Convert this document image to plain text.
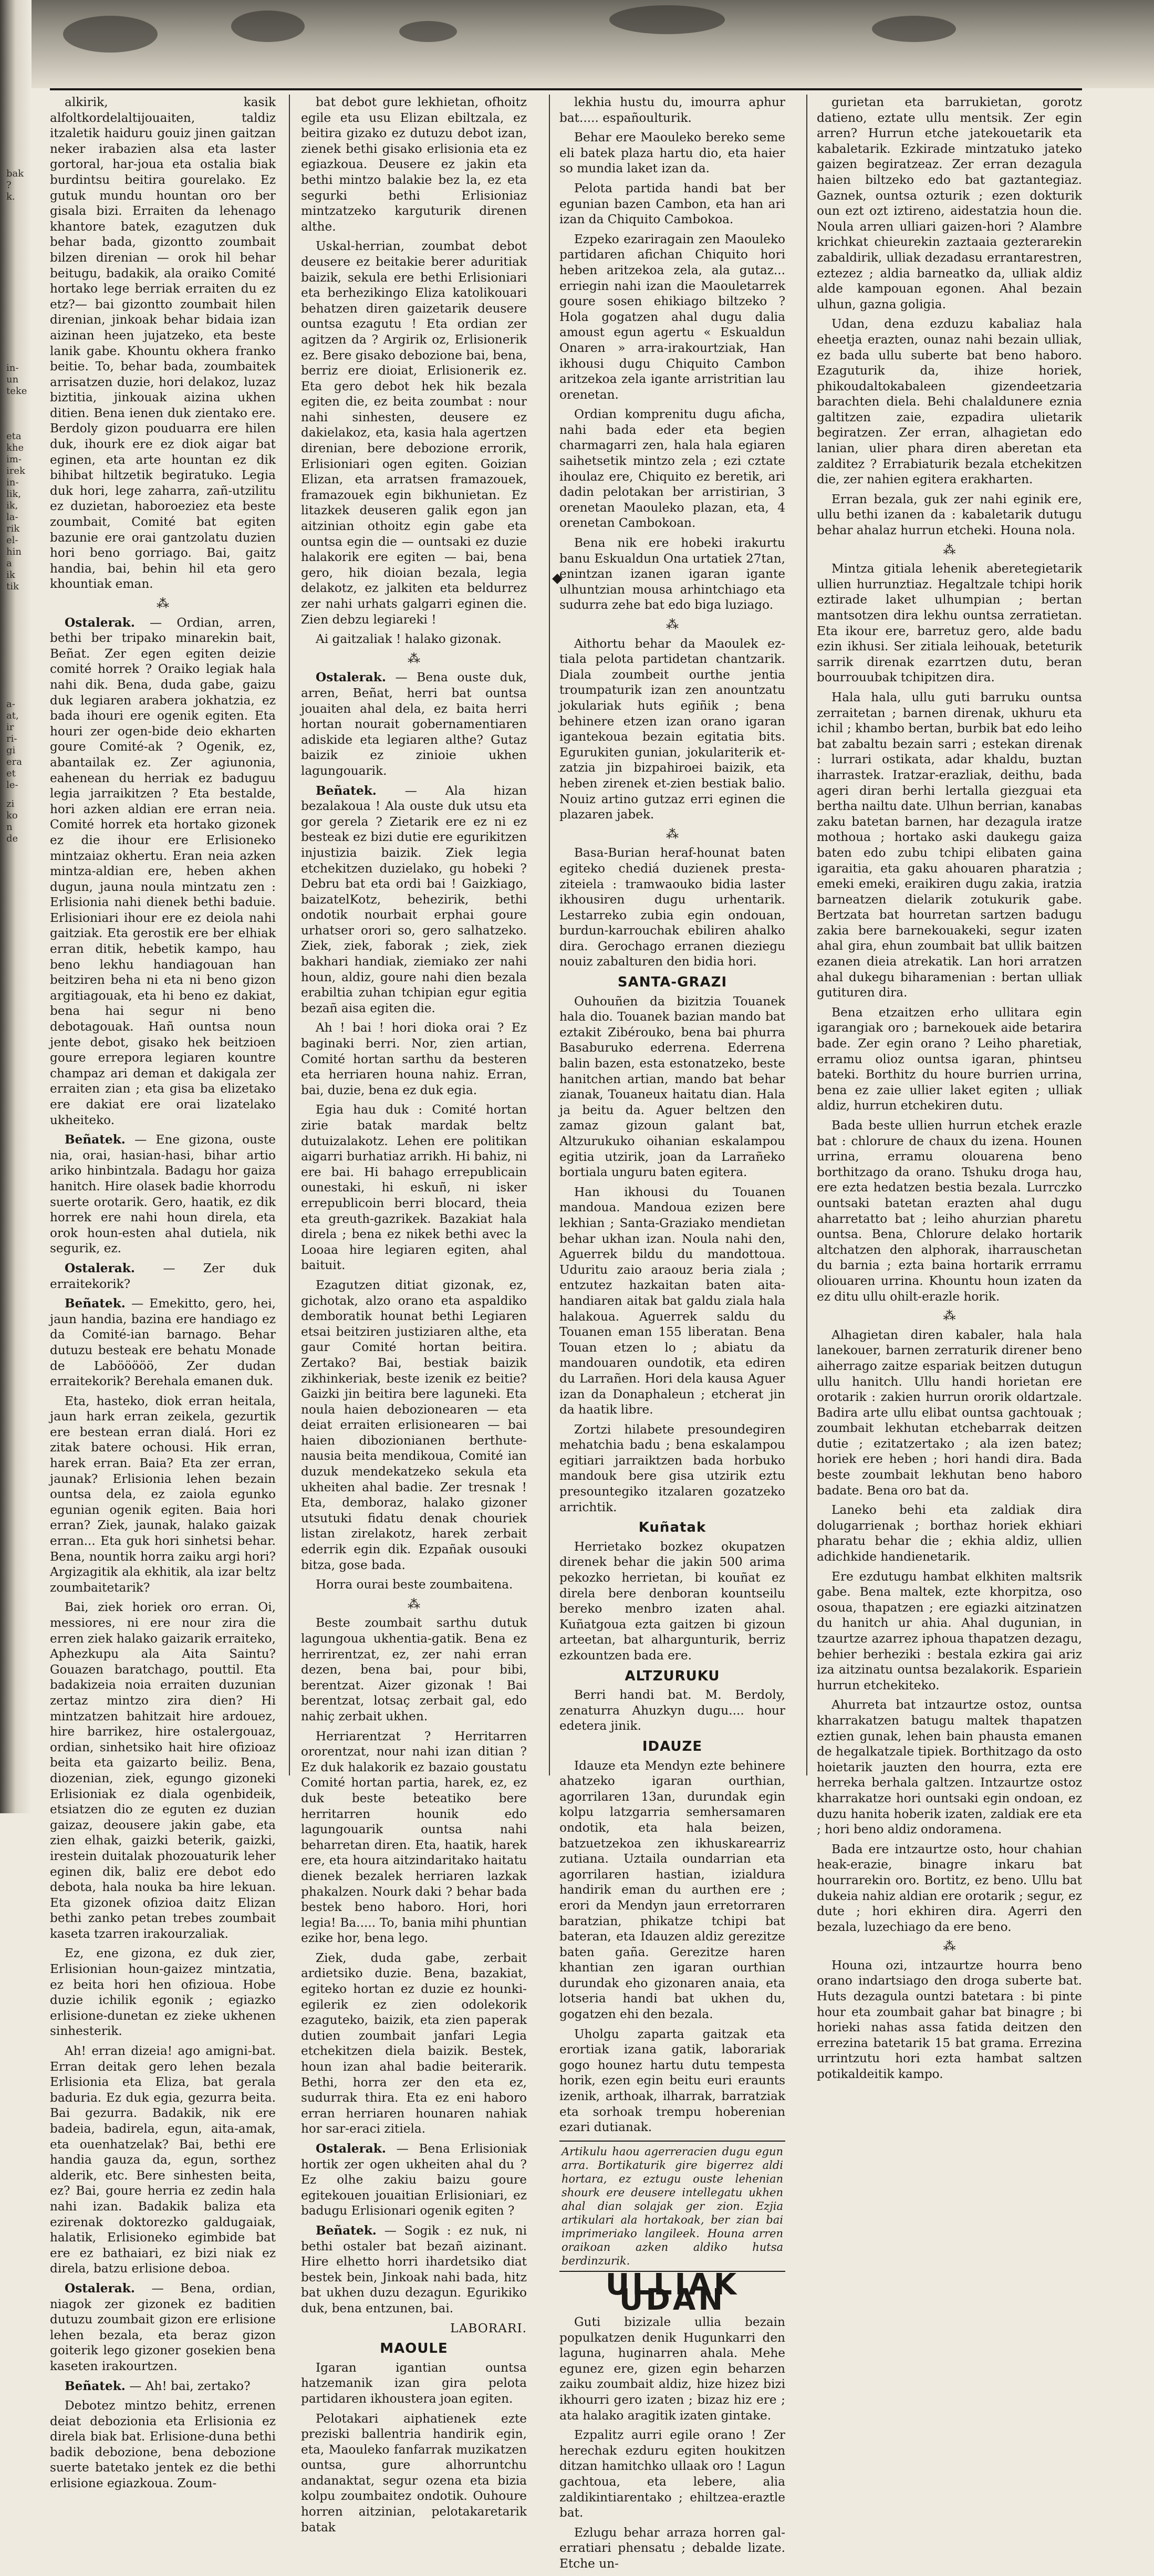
bak ?
k.
in-
un
teke
eta
khe
im-
irek
in-
lik,
ik,
la-
rik
el-
hin
a
ik
tik
a-
at,
ir
ri-
gi
era
et
le-
zi
ko
n
de

alkirik, kasik alfoltkordelaltijouaiten, taldiz itzaletik haiduru gouiz jinen gaitzan neker irabazien alsa eta laster gortoral, har-joua eta ostalia biak burdintsu beitira gourelako. Ez gutuk mundu hountan oro ber gisala bizi. Erraiten da lehenago khantore batek, ezagutzen duk behar bada, gizontto zoumbait bilzen direnian — orok hil behar beitugu, badakik, ala oraiko Comité hortako lege berriak erraiten du ez etz?— bai gizontto zoumbait hilen direnian, jinkoak behar bidaia izan aizinan heen jujatzeko, eta beste lanik gabe. Khountu okhera franko beitie. To, behar bada, zoumbaitek arrisatzen duzie, hori delakoz, luzaz biztitia, jinkouak aizina ukhen ditien. Bena ienen duk zientako ere. Berdoly gizon pouduarra ere hilen duk, ihourk ere ez diok aigar bat eginen, eta arte hountan ez dik bihibat hiltzetik begiratuko. Legia duk hori, lege zaharra, zañ-utzilitu ez duzietan, haboroeziez eta beste zoumbait, Comité bat egiten bazunie ere orai gantzolatu duzien hori beno gorriago. Bai, gaitz handia, bai, behin hil eta gero khountiak eman.

⁂

Ostalerak. — Ordian, arren, bethi ber tripako minarekin bait, Beñat. Zer egen egiten deizie comité horrek ? Oraiko legiak hala nahi dik. Bena, duda gabe, gaizu duk legiaren arabera jokhatzia, ez bada ihouri ere ogenik egiten. Eta houri zer ogen-bide deio ekharten goure Comité-ak ? Ogenik, ez, abantailak ez. Zer agiunonia, eahenean du herriak ez baduguu legia jarraikitzen ? Eta bestalde, hori azken aldian ere erran neia. Comité horrek eta hortako gizonek ez die ihour ere Erlisioneko mintzaiaz okhertu. Eran neia azken mintza-aldian ere, heben akhen dugun, jauna noula mintzatu zen : Erlisionia nahi dienek bethi baduie. Erlisioniari ihour ere ez deiola nahi gaitziak. Eta gerostik ere ber elhiak erran ditik, hebetik kampo, hau beno lekhu handiagouan han beitziren beha ni eta ni beno gizon argitiagouak, eta hi beno ez dakiat, bena hai segur ni beno debotagouak. Hañ ountsa noun jente debot, gisako hek beitzioen goure errepora legiaren kountre champaz ari deman et dakigala zer erraiten zian ; eta gisa ba elizetako ere dakiat ere orai lizatelako ukheiteko.

Beñatek. — Ene gizona, ouste nia, orai, hasian-hasi, bihar artio ariko hinbintzala. Badagu hor gaiza hanitch. Hire olasek badie khorrodu suerte orotarik. Gero, haatik, ez dik horrek ere nahi houn direla, eta orok houn-esten ahal dutiela, nik segurik, ez.

Ostalerak. — Zer duk erraitekorik?

Beñatek. — Emekitto, gero, hei, jaun handia, bazina ere handiago ez da Comité-ian barnago. Behar dutuzu besteak ere behatu Monade de Labööööö, Zer dudan erraitekorik? Berehala emanen duk.

Eta, hasteko, diok erran heitala, jaun hark erran zeikela, gezurtik ere bestean erran dialá. Hori ez zitak batere ochousi. Hik erran, harek erran. Baia? Eta zer erran, jaunak? Erlisionia lehen bezain ountsa dela, ez zaiola egunko egunian ogenik egiten. Baia hori erran? Ziek, jaunak, halako gaizak erran... Eta guk hori sinhetsi behar. Bena, nountik horra zaiku argi hori? Argizagitik ala ekhitik, ala izar beltz zoumbaitetarik?

Bai, ziek horiek oro erran. Oi, messiores, ni ere nour zira die erren ziek halako gaizarik erraiteko, Aphezkupu ala Aita Saintu? Gouazen baratchago, pouttil. Eta badakizeia noia erraiten duzunian zertaz mintzo zira dien? Hi mintzatzen bahitzait hire ardouez, hire barrikez, hire ostalergouaz, ordian, sinhetsiko hait hire ofizioaz beita eta gaizarto beiliz. Bena, diozenian, ziek, egungo gizoneki Erlisioniak ez diala ogenbideik, etsiatzen dio ze eguten ez duzian gaizaz, deousere jakin gabe, eta zien elhak, gaizki beterik, gaizki, irestein duitalak phozouaturik leher eginen dik, baliz ere debot edo debota, hala nouka ba hire lekuan. Eta gizonek ofizioa daitz Elizan bethi zanko petan trebes zoumbait kaseta tzarren irakourzaliak.

Ez, ene gizona, ez duk zier, Erlisionian houn-gaizez mintzatia, ez beita hori hen ofizioua. Hobe duzie ichilik egonik ; egiazko erlisione-dunetan ez zieke ukhenen sinhesterik.

Ah! erran dizeia! ago amigni-bat. Erran deitak gero lehen bezala Erlisionia eta Eliza, bat gerala baduria. Ez duk egia, gezurra beita. Bai gezurra. Badakik, nik ere badeia, badirela, egun, aita-amak, eta ouenhatzelak? Bai, bethi ere handia gauza da, egun, sorthez alderik, etc. Bere sinhesten beita, ez? Bai, goure herria ez zedin hala nahi izan. Badakik baliza eta ezirenak doktorezko galdugaiak, halatik, Erlisioneko egimbide bat ere ez bathaiari, ez bizi niak ez direla, batzu erlisione deboa.

Ostalerak. — Bena, ordian, niagok zer gizonek ez baditien dutuzu zoumbait gizon ere erlisione lehen bezala, eta beraz gizon goiterik lego gizoner gosekien bena kaseten irakourtzen.

Beñatek. — Ah! bai, zertako?

Debotez mintzo behitz, errenen deiat debozionia eta Erlisionia ez direla biak bat. Erlisione-duna bethi badik debozione, bena debozione suerte batetako jentek ez die bethi erlisione egiazkoua. Zoum-

bat debot gure lekhietan, ofhoitz egile eta usu Elizan ebiltzala, ez beitira gizako ez dutuzu debot izan, zienek bethi gisako erlisionia eta ez egiazkoua. Deusere ez jakin eta bethi mintzo balakie bez la, ez eta segurki bethi Erlisioniaz mintzatzeko karguturik direnen althe.

Uskal-herrian, zoumbat debot deusere ez beitakie berer aduritiak baizik, sekula ere bethi Erlisioniari eta berhezikingo Eliza katolikouari behatzen diren gaizetarik deusere ountsa ezagutu ! Eta ordian zer agitzen da ? Argirik oz, Erlisionerik ez. Bere gisako debozione bai, bena, berriz ere dioiat, Erlisionerik ez. Eta gero debot hek hik bezala egiten die, ez beita zoumbat : nour nahi sinhesten, deusere ez dakielakoz, eta, kasia hala agertzen direnian, bere debozione errorik, Erlisioniari ogen egiten. Goizian Elizan, eta arratsen framazouek, framazouek egin bikhunietan. Ez litazkek deuseren galik egon jan aitzinian othoitz egin gabe eta ountsa egin die — ountsaki ez duzie halakorik ere egiten — bai, bena gero, hik dioian bezala, legia delakotz, ez jalkiten eta beldurrez zer nahi urhats galgarri eginen die. Zien debzu legiareki !

Ai gaitzaliak ! halako gizonak.

⁂

Ostalerak. — Bena ouste duk, arren, Beñat, herri bat ountsa jouaiten ahal dela, ez baita herri hortan nourait gobernamentiaren adiskide eta legiaren althe? Gutaz baizik ez zinioie ukhen lagungouarik.

Beñatek. — Ala hizan bezalakoua ! Ala ouste duk utsu eta gor gerela ? Zietarik ere ez ni ez besteak ez bizi dutie ere egurikitzen injustizia baizik. Ziek legia etchekitzen duzielako, gu hobeki ? Debru bat eta ordi bai ! Gaizkiago, baizatelKotz, behezirik, bethi ondotik nourbait erphai goure urhatser orori so, gero salhatzeko. Ziek, ziek, faborak ; ziek, ziek bakhari handiak, ziemiako zer nahi houn, aldiz, goure nahi dien bezala erabiltia zuhan tchipian egur egitia bezañ aisa egiten die.

Ah ! bai ! hori dioka orai ? Ez baginaki berri. Nor, zien artian, Comité hortan sarthu da besteren eta herriaren houna nahiz. Erran, bai, duzie, bena ez duk egia.

Egia hau duk : Comité hortan zirie batak mardak beltz dutuizalakotz. Lehen ere politikan aigarri burhatiaz arrikh. Hi bahiz, ni ere bai. Hi bahago errepublicain ounestaki, hi eskuñ, ni isker errepublicoin berri blocard, theia eta greuth-gazrikek. Bazakiat hala direla ; bena ez nikek bethi avec la Looaa hire legiaren egiten, ahal baituit.

Ezagutzen ditiat gizonak, ez, gichotak, alzo orano eta aspaldiko demboratik hounat bethi Legiaren etsai beitziren justiziaren althe, eta gaur Comité hortan beitira. Zertako? Bai, bestiak baizik zikhinkeriak, beste izenik ez beitie? Gaizki jin beitira bere laguneki. Eta noula haien debozionearen — eta deiat erraiten erlisionearen — bai haien dibozionianen berthute-nausia beita mendikoua, Comité ian duzuk mendekatzeko sekula eta ukheiten ahal badie. Zer tresnak ! Eta, demboraz, halako gizoner utsutuki fidatu denak chouriek listan zirelakotz, harek zerbait ederrik egin dik. Ezpañak ousouki bitza, gose bada.

Horra ourai beste zoumbaitena.

⁂

Beste zoumbait sarthu dutuk lagungoua ukhentia-gatik. Bena ez herrirentzat, ez, zer nahi erran dezen, bena bai, pour bibi, berentzat. Aizer gizonak ! Bai berentzat, lotsaç zerbait gal, edo nahiç zerbait ukhen.

Herriarentzat ? Herritarren ororentzat, nour nahi izan ditian ? Ez duk halakorik ez bazaio goustatu Comité hortan partia, harek, ez, ez duk beste beteatiko bere herritarren hounik edo lagungouarik ountsa nahi beharretan diren. Eta, haatik, harek ere, eta houra aitzindaritako haitatu dienek bezalek herriaren lazkak phakalzen. Nourk daki ? behar bada bestek beno haboro. Hori, hori legia! Ba..... To, bania mihi phuntian ezike hor, bena lego.

Ziek, duda gabe, zerbait ardietsiko duzie. Bena, bazakiat, egiteko hortan ez duzie ez hounki-egilerik ez zien odolekorik ezaguteko, baizik, eta zien paperak dutien zoumbait janfari Legia etchekitzen diela baizik. Bestek, houn izan ahal badie beiterarik. Bethi, horra zer den eta ez, sudurrak thira. Eta ez eni haboro erran herriaren hounaren nahiak hor sar-eraci zitiela.

Ostalerak. — Bena Erlisioniak hortik zer ogen ukheiten ahal du ? Ez olhe zakiu baizu goure egitekouen jouaitian Erlisioniari, ez badugu Erlisionari ogenik egiten ?

Beñatek. — Sogik : ez nuk, ni bethi ostaler bat bezañ aizinant. Hire elhetto horri ihardetsiko diat bestek bein, Jinkoak nahi bada, hitz bat ukhen duzu dezagun. Egurikiko duk, bena entzunen, bai.

LABORARI.
MAOULE

Igaran igantian ountsa hatzemanik izan gira pelota partidaren ikhoustera joan egiten.

Pelotakari aiphatienek ezte preziski ballentria handirik egin, eta, Maouleko fanfarrak muzikatzen ountsa, gure alhorruntchu andanaktat, segur ozena eta bizia kolpu zoumbaitez ondotik. Ouhoure horren aitzinian, pelotakaretarik batak

lekhia hustu du, imourra aphur bat..... españoulturik.

Behar ere Maouleko bereko seme eli batek plaza hartu dio, eta haier so mundia laket izan da.

Pelota partida handi bat ber egunian bazen Cambon, eta han ari izan da Chiquito Cambokoa.

Ezpeko ezariragain zen Maouleko partidaren afichan Chiquito hori heben aritzekoa zela, ala gutaz... erriegin nahi izan die Maouletarrek goure sosen ehikiago biltzeko ? Hola gogatzen ahal dugu dalia amoust egun agertu « Eskualdun Onaren » arra-irakourtziak, Han ikhousi dugu Chiquito Cambon aritzekoa zela igante arristritian lau orenetan.

Ordian komprenitu dugu aficha, nahi bada eder eta begien charmagarri zen, hala hala egiaren saihetsetik mintzo zela ; ezi cztate ihoulaz ere, Chiquito ez beretik, ari dadin pelotakan ber arristirian, 3 orenetan Maouleko plazan, eta, 4 orenetan Cambokoan.

Bena nik ere hobeki irakurtu banu Eskualdun Ona urtatiek 27tan, enintzan izanen igaran igante ulhuntzian mousa arhintchiago eta sudurra zehe bat edo biga luziago.

⁂

Aithortu behar da Maoulek ez-tiala pelota partidetan chantzarik. Diala zoumbeit ourthe jentia troumpaturik izan zen anountzatu jokulariak huts egiñik ; bena behinere etzen izan orano igaran igantekoua bezain egitatia bits. Egurukiten gunian, jokulariterik et-zatzia jin bizpahiroei baizik, eta heben zirenek et-zien bestiak balio. Nouiz artino gutzaz erri eginen die plazaren jabek.

⁂

Basa-Burian heraf-hounat baten egiteko chediá duzienek presta-ziteiela : tramwaouko bidia laster ikhousiren dugu urhentarik. Lestarreko zubia egin ondouan, burdun-karrouchak ebiliren ahalko dira. Gerochago erranen dieziegu nouiz zabalturen den bidia hori.

SANTA-GRAZI

Ouhouñen da bizitzia Touanek hala dio. Touanek bazian mando bat eztakit Zibérouko, bena bai phurra Basaburuko ederrena. Ederrena balin bazen, esta estonatzeko, beste hanitchen artian, mando bat behar zianak, Touaneux haitatu dian. Hala ja beitu da. Aguer beltzen den zamaz gizoun galant bat, Altzurukuko oihanian eskalampou egitia utzirik, joan da Larrañeko bortiala unguru baten egitera.

Han ikhousi du Touanen mandoua. Mandoua ezizen bere lekhian ; Santa-Graziako mendietan behar ukhan izan. Noula nahi den, Aguerrek bildu du mandottoua. Uduritu zaio araouz beria ziala ; entzutez hazkaitan baten aita-handiaren aitak bat galdu ziala hala halakoua. Aguerrek saldu du Touanen eman 155 liberatan. Bena Touan etzen lo ; abiatu da mandouaren oundotik, eta ediren du Larrañen. Hori dela kausa Aguer izan da Donaphaleun ; etcherat jin da haatik libre.

Zortzi hilabete presoundegiren mehatchia badu ; bena eskalampou egitiari jarraiktzen bada horbuko mandouk bere gisa utzirik eztu presountegiko itzalaren gozatzeko arrichtik.

Kuñatak

Herrietako bozkez okupatzen direnek behar die jakin 500 arima pekozko herrietan, bi kouñat ez direla bere denboran kountseilu bereko menbro izaten ahal. Kuñatgoua ezta gaitzen bi gizoun arteetan, bat alhargunturik, berriz ezkountzen bada ere.

ALTZURUKU

Berri handi bat. M. Berdoly, zenaturra Ahuzkyn dugu.... hour edetera jinik.

IDAUZE

Idauze eta Mendyn ezte behinere ahatzeko igaran ourthian, agorrilaren 13an, durundak egin kolpu latzgarria semhersamaren ondotik, eta hala beizen, batzuetzekoa zen ikhuskarearriz zutiana. Uztaila oundarrian eta agorrilaren hastian, izialdura handirik eman du aurthen ere ; erori da Mendyn jaun erretorraren baratzian, phikatze tchipi bat bateran, eta Idauzen aldiz gerezitze baten gaña. Gerezitze haren khantian zen igaran ourthian durundak eho gizonaren anaia, eta lotseria handi bat ukhen du, gogatzen ehi den bezala.

Uholgu zaparta gaitzak eta erortiak izana gatik, laborariak gogo hounez hartu dutu tempesta horik, ezen egin beitu euri eraunts izenik, arthoak, ilharrak, barratziak eta sorhoak trempu hoberenian ezari dutianak.

Artikulu haou agerreracien dugu egun arra. Bortikaturik gire bigerrez aldi hortara, ez eztugu ouste lehenian shourk ere deusere intellegatu ukhen ahal dian solajak ger zion. Ezjia artikulari ala hortakoak, ber zian bai imprimeriako langileek. Houna arren oraikoan azken aldiko hutsa berdinzurik.
ULLIAK UDAN

Guti bizizale ullia bezain populkatzen denik Hugunkarri den laguna, huginarren ahala. Mehe egunez ere, gizen egin beharzen zaiku zoumbait aldiz, hize hizez bizi ikhourri gero izaten ; bizaz hiz ere ; ata halako aragitik izaten gintake.

Ezpalitz aurri egile orano ! Zer herechak ezduru egiten houkitzen ditzan hamitchko ullaak oro ! Lagun gachtoua, eta lebere, alia zaldikintiarentako ; ehiltzea-eraztle bat.

Ezlugu behar arraza horren gal-erratiari phensatu ; debalde lizate. Etche un-

gurietan eta barrukietan, gorotz datieno, eztate ullu mentsik. Zer egin arren? Hurrun etche jatekouetarik eta kabaletarik. Ezkirade mintzatuko jateko gaizen begiratzeaz. Zer erran dezagula haien biltzeko edo bat gaztantegiaz. Gaznek, ountsa ozturik ; ezen dokturik oun ezt ozt iztireno, aidestatzia houn die. Noula arren ulliari gaizen-hori ? Alambre krichkat chieurekin zaztaaia gezterarekin zabaldirik, ulliak dezadasu errantarestren, eztezez ; aldia barneatko da, ulliak aldiz alde kampouan egonen. Ahal bezain ulhun, gazna goligia.

Udan, dena ezduzu kabaliaz hala eheetja erazten, ounaz nahi bezain ulliak, ez bada ullu suberte bat beno haboro. Ezaguturik da, ihize horiek, phikoudaltokabaleen gizendeetzaria barachten diela. Behi chalaldunere eznia galtitzen zaie, ezpadira ulietarik begiratzen. Zer erran, alhagietan edo lanian, ulier phara diren aberetan eta zalditez ? Errabiaturik bezala etchekitzen die, zer nahien egitera erakharten.

Erran bezala, guk zer nahi eginik ere, ullu bethi izanen da : kabaletarik dutugu behar ahalaz hurrun etcheki. Houna nola.

⁂

Mintza gitiala lehenik aberetegietarik ullien hurrunztiaz. Hegaltzale tchipi horik eztirade laket ulhumpian ; bertan mantsotzen dira lekhu ountsa zerratietan. Eta ikour ere, barretuz gero, alde badu ezin ikhusi. Ser zitiala leihouak, beteturik sarrik direnak ezarrtzen dutu, beran bourrouubak tchipitzen dira.

Hala hala, ullu guti barruku ountsa zerraitetan ; barnen direnak, ukhuru eta ichil ; khambo bertan, burbik bat edo leiho bat zabaltu bezain sarri ; estekan direnak : lurrari ostikata, adar khaldu, buztan iharrastek. Iratzar-erazliak, deithu, bada ageri diran berhi lertalla giezguai eta bertha nailtu date. Ulhun berrian, kanabas zaku batetan barnen, har dezagula iratze mothoua ; hortako aski daukegu gaiza baten edo zubu tchipi elibaten gaina igaraitia, eta gaku ahouaren pharatzia ; emeki emeki, eraikiren dugu zakia, iratzia barneatzen dielarik zotukurik gabe. Bertzata bat hourretan sartzen badugu zakia bere barnekouakeki, segur izaten ahal gira, ehun zoumbait bat ullik baitzen ezanen dieia atrekatik. Lan hori arratzen ahal dukegu biharamenian : bertan ulliak gutituren dira.

Bena etzaitzen erho ullitara egin igarangiak oro ; barnekouek aide betarira bade. Zer egin orano ? Leiho pharetiak, erramu olioz ountsa igaran, phintseu bateki. Borthitz du houre burrien urrina, bena ez zaie ullier laket egiten ; ulliak aldiz, hurrun etchekiren dutu.

Bada beste ullien hurrun etchek erazle bat : chlorure de chaux du izena. Hounen urrina, erramu olouarena beno borthitzago da orano. Tshuku droga hau, ere ezta hedatzen bestia bezala. Lurrczko ountsaki batetan erazten ahal dugu aharretatto bat ; leiho ahurzian pharetu ountsa. Bena, Chlorure delako hortarik altchatzen den alphorak, iharrauschetan du barnia ; ezta baina hortarik errramu oliouaren urrina. Khountu houn izaten da ez ditu ullu ohilt-erazle horik.

⁂

Alhagietan diren kabaler, hala hala lanekouer, barnen zerraturik direner beno aiherrago zaitze espariak beitzen dutugun ullu hanitch. Ullu handi horietan ere orotarik : zakien hurrun ororik oldartzale. Badira arte ullu elibat ountsa gachtouak ; zoumbait lekhutan etchebarrak deitzen dutie ; ezitatzertako ; ala izen batez; horiek ere heben ; hori handi dira. Bada beste zoumbait lekhutan beno haboro badate. Bena oro bat da.

Laneko behi eta zaldiak dira dolugarrienak ; borthaz horiek ekhiari pharatu behar die ; ekhia aldiz, ullien adichkide handienetarik.

Ere ezdutugu hambat elkhiten maltsrik gabe. Bena maltek, ezte khorpitza, oso osoua, thapatzen ; ere egiazki aitzinatzen du hanitch ur ahia. Ahal dugunian, in tzaurtze azarrez iphoua thapatzen dezagu, behier berheziki : bestala ezkira gai ariz iza aitzinatu ountsa bezalakorik. Espariein hurrun etchekiteko.

Ahurreta bat intzaurtze ostoz, ountsa kharrakatzen batugu maltek thapatzen eztien gunak, lehen bain phausta emanen de hegalkatzale tipiek. Borthitzago da osto hoietarik jauzten den hourra, ezta ere herreka berhala galtzen. Intzaurtze ostoz kharrakatze hori ountsaki egin ondoan, ez duzu hanita hoberik izaten, zaldiak ere eta ; hori beno aldiz ondoramena.

Bada ere intzaurtze osto, hour chahian heak-erazie, binagre inkaru bat hourrarekin oro. Bortitz, ez beno. Ullu bat dukeia nahiz aldian ere orotarik ; segur, ez dute ; hori ekhiren dira. Agerri den bezala, luzechiago da ere beno.

⁂

Houna ozi, intzaurtze hourra beno orano indartsiago den droga suberte bat. Huts dezagula ountzi batetara : bi pinte hour eta zoumbait gahar bat binagre ; bi horieki nahas assa fatida deitzen den errezina batetarik 15 bat grama. Errezina urrintzutu hori ezta hambat saltzen potikaldeitik kampo.
